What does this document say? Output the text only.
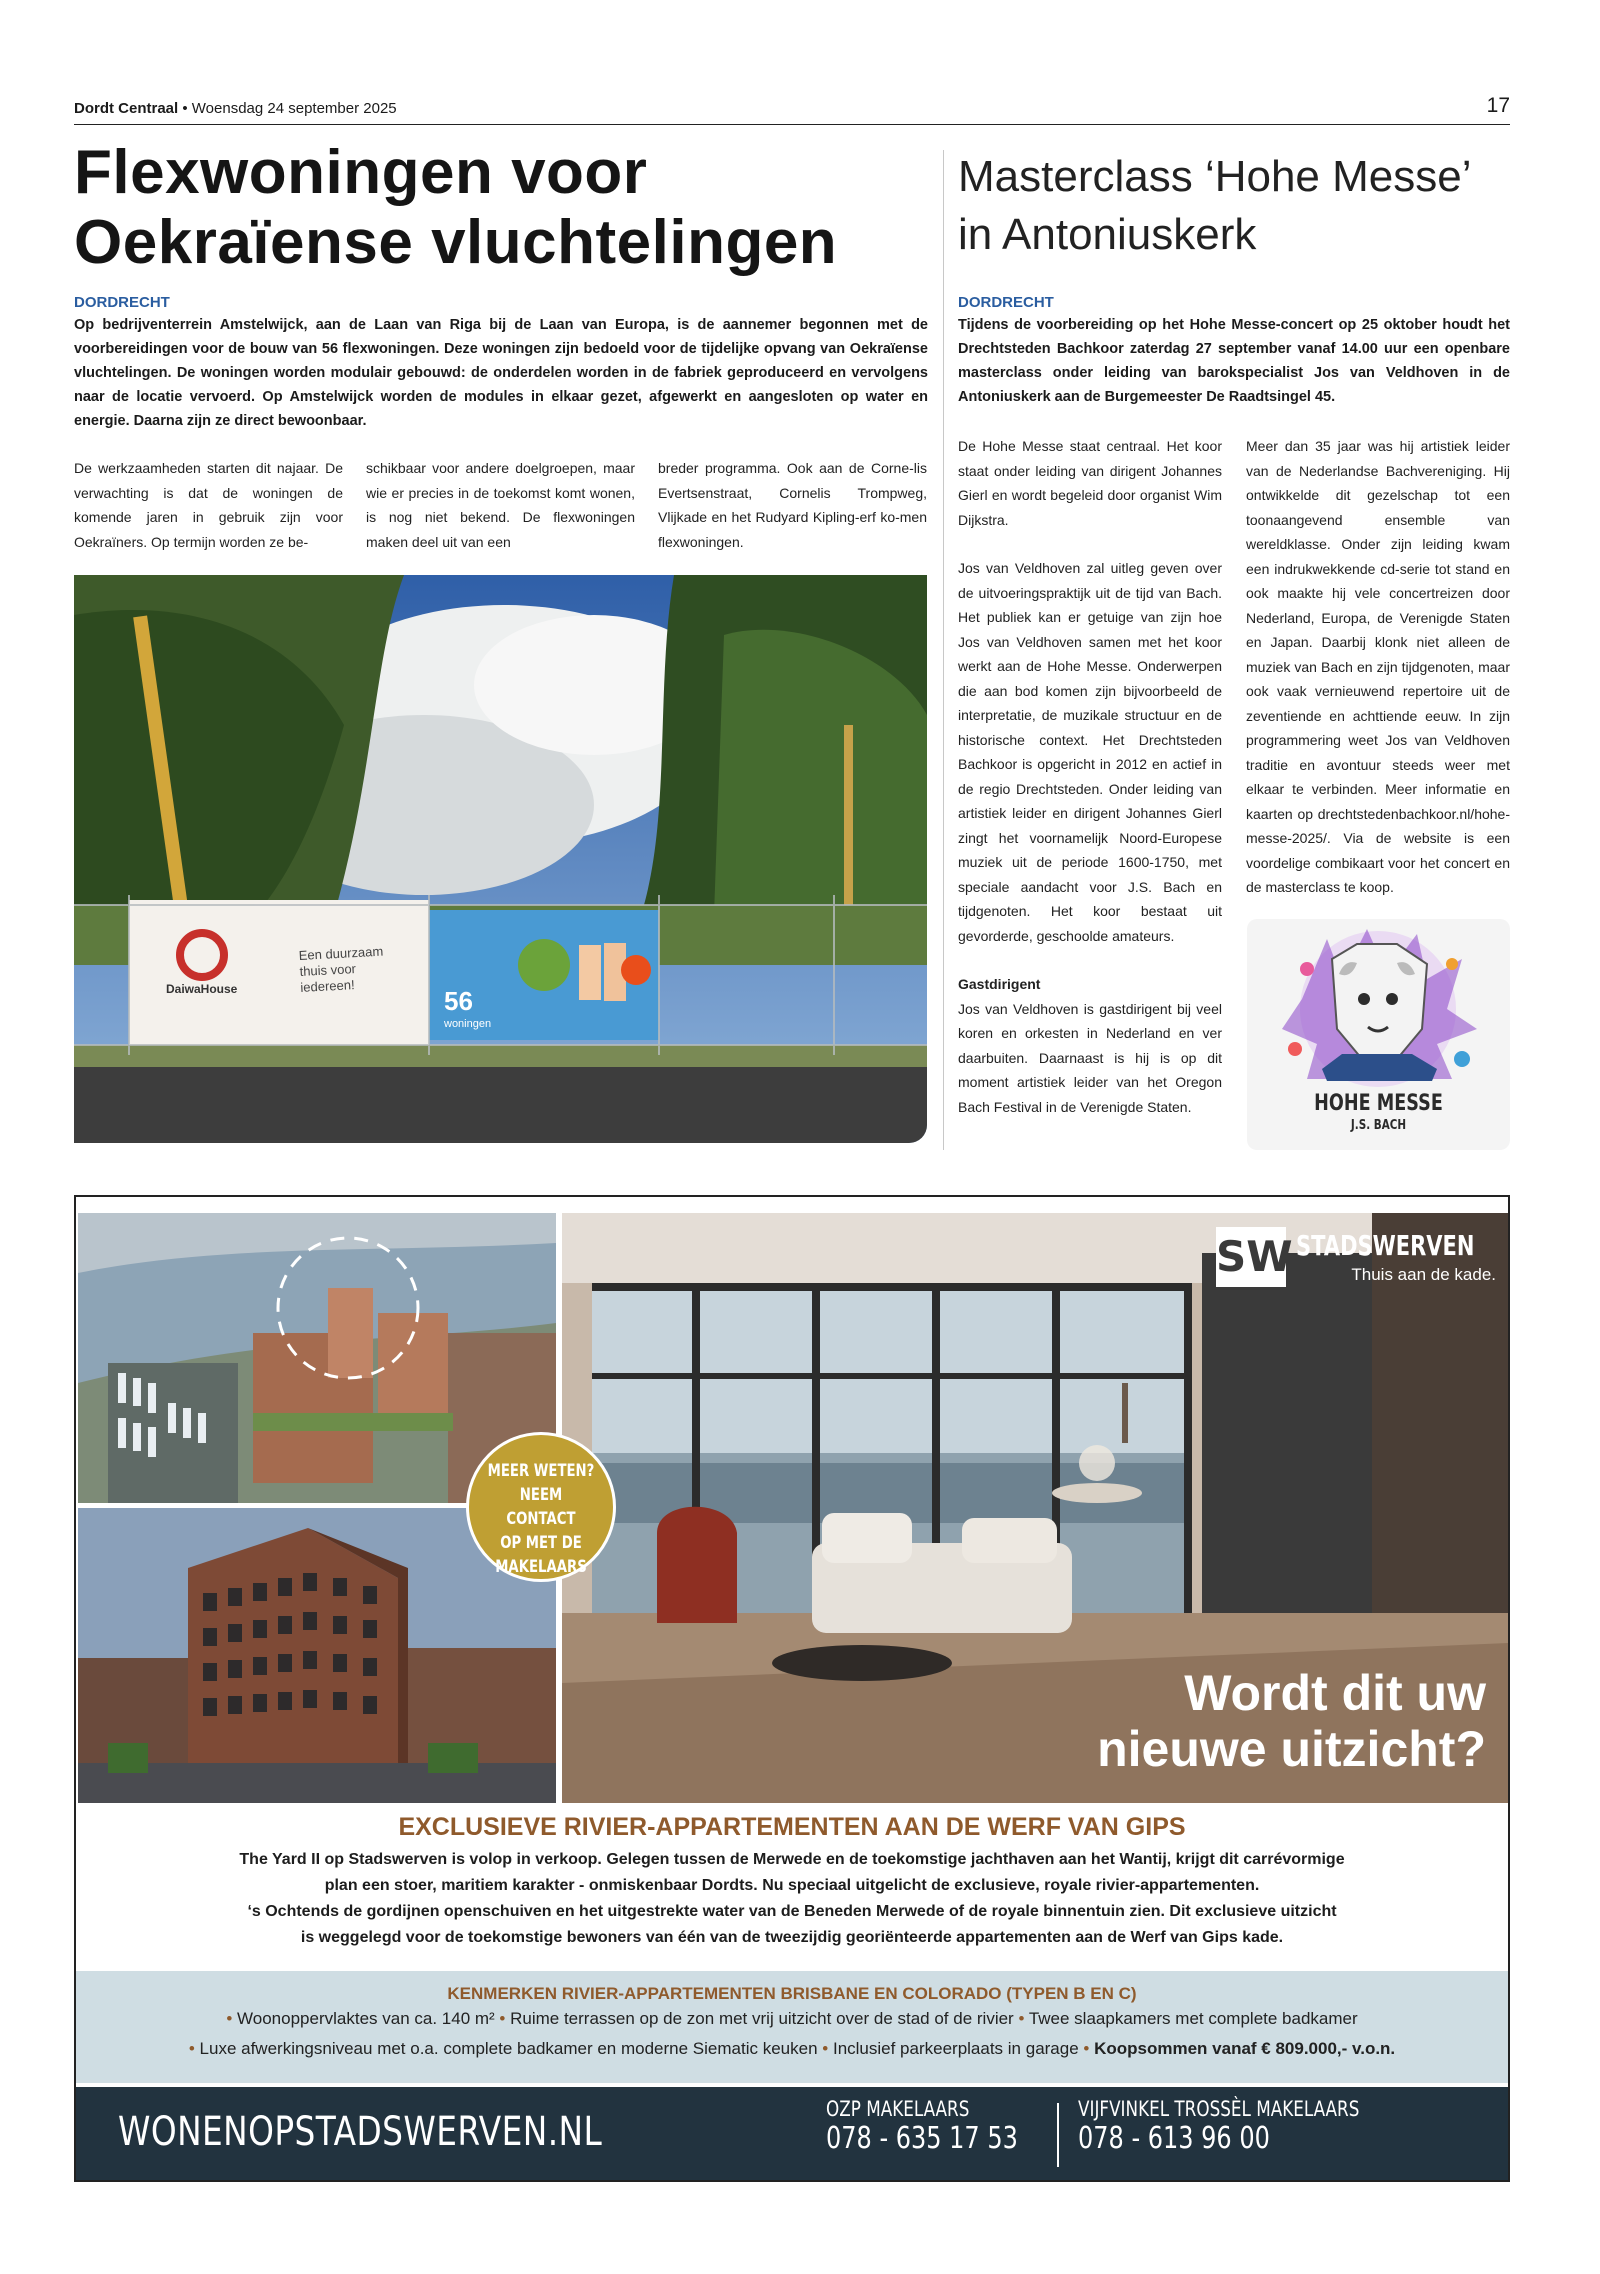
Dordt Centraal • Woensdag 24 september 2025	17
Flexwoningen voor
Oekraïense vluchtelingen
DORDRECHT
Op bedrijventerrein Amstelwijck, aan de Laan van Riga bij de Laan van Europa, is de aannemer begonnen met de voorbereidingen voor de bouw van 56 flexwoningen. Deze woningen zijn bedoeld voor de tijdelijke opvang van Oekraïense vluchtelingen. De woningen worden modulair gebouwd: de onderdelen worden in de fabriek geproduceerd en vervolgens naar de locatie vervoerd. Op Amstelwijck worden de modules in elkaar gezet, afgewerkt en aangesloten op water en energie. Daarna zijn ze direct bewoonbaar.
De werkzaamheden starten dit najaar. De verwachting is dat de woningen de komende jaren in gebruik zijn voor Oekraïners. Op termijn worden ze be-
schikbaar voor andere doelgroepen, maar wie er precies in de toekomst komt wonen, is nog niet bekend. De flexwoningen maken deel uit van een
breder programma. Ook aan de Corne-lis Evertsenstraat, Cornelis Trompweg, Vlijkade en het Rudyard Kipling-erf ko-men flexwoningen.
DaiwaHouse
Een duurzaamthuis vooriedereen!	56
woningen
Masterclass ‘Hohe Messe’
in Antoniuskerk
DORDRECHT
Tijdens de voorbereiding op het Hohe Messe-concert op 25 oktober houdt het Drechtsteden Bachkoor zaterdag 27 september vanaf 14.00 uur een openbare masterclass onder leiding van barokspecialist Jos van Veldhoven in de Antoniuskerk aan de Burgemeester De Raadtsingel 45.

De Hohe Messe staat centraal. Het koor staat onder leiding van dirigent Johannes Gierl en wordt begeleid door organist Wim Dijkstra.

Jos van Veldhoven zal uitleg geven over de uitvoeringspraktijk uit de tijd van Bach. Het publiek kan er getuige van zijn hoe Jos van Veldhoven samen met het koor werkt aan de Hohe Messe. Onderwerpen die aan bod komen zijn bijvoorbeeld de interpretatie, de muzikale structuur en de historische context. Het Drechtsteden Bachkoor is opgericht in 2012 en actief in de regio Drechtsteden. Onder leiding van artistiek leider en dirigent Johannes Gierl zingt het voornamelijk Noord-Europese muziek uit de periode 1600-1750, met speciale aandacht voor J.S. Bach en tijdgenoten. Het koor bestaat uit gevorderde, geschoolde amateurs.

Gastdirigent

Jos van Veldhoven is gastdirigent bij veel koren en orkesten in Nederland en ver daarbuiten. Daarnaast is hij is op dit moment artistiek leider van het Oregon Bach Festival in de Verenigde Staten.

Meer dan 35 jaar was hij artistiek leider van de Nederlandse Bachvereniging. Hij ontwikkelde dit gezelschap tot een toonaangevend ensemble van wereldklasse. Onder zijn leiding kwam een indrukwekkende cd-serie tot stand en ook maakte hij vele concertreizen door Nederland, Europa, de Verenigde Staten en Japan. Daarbij klonk niet alleen de muziek van Bach en zijn tijdgenoten, maar ook vaak vernieuwend repertoire uit de zeventiende en achttiende eeuw. In zijn programmering weet Jos van Veldhoven traditie en avontuur steeds weer met elkaar te verbinden. Meer informatie en kaarten op drechtstedenbachkoor.nl/hohe-messe-2025/. Via de website is een voordelige combikaart voor het concert en de masterclass te koop.
HOHE MESSE
J.S. BACH
SW STADSWERVEN
Thuis aan de kade.
Wordt dit uw
nieuwe uitzicht?
MEER WETEN?
NEEM CONTACT
OP MET DE
MAKELAARS
EXCLUSIEVE RIVIER-APPARTEMENTEN AAN DE WERF VAN GIPS
The Yard II op Stadswerven is volop in verkoop. Gelegen tussen de Merwede en de toekomstige jachthaven aan het Wantij, krijgt dit carrévormige
plan een stoer, maritiem karakter - onmiskenbaar Dordts. Nu speciaal uitgelicht de exclusieve, royale rivier-appartementen.
‘s Ochtends de gordijnen openschuiven en het uitgestrekte water van de Beneden Merwede of de royale binnentuin zien. Dit exclusieve uitzicht
is weggelegd voor de toekomstige bewoners van één van de tweezijdig georiënteerde appartementen aan de Werf van Gips kade.
KENMERKEN RIVIER-APPARTEMENTEN BRISBANE EN COLORADO (TYPEN B EN C)
• Woonoppervlaktes van ca. 140 m² • Ruime terrassen op de zon met vrij uitzicht over de stad of de rivier • Twee slaapkamers met complete badkamer
• Luxe afwerkingsniveau met o.a. complete badkamer en moderne Siematic keuken • Inclusief parkeerplaats in garage • Koopsommen vanaf € 809.000,- v.o.n.
WONENOPSTADSWERVEN.NL	OZP MAKELAARS
078 - 635 17 53
VIJFVINKEL TROSSÈL MAKELAARS
078 - 613 96 00
